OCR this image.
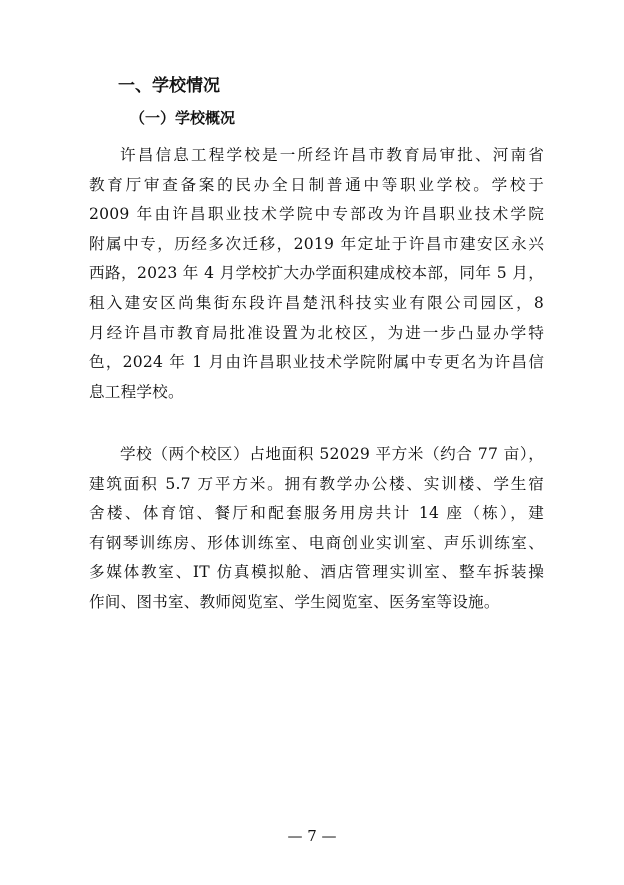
一、学校情况
（一）学校概况

许昌信息工程学校是一所经许昌市教育局审批、河南省
教育厅审查备案的民办全日制普通中等职业学校。学校于
2009 年由许昌职业技术学院中专部改为许昌职业技术学院
附属中专，历经多次迁移，2019 年定址于许昌市建安区永兴
西路，2023 年 4 月学校扩大办学面积建成校本部，同年 5 月，
租入建安区尚集街东段许昌楚汛科技实业有限公司园区，8
月经许昌市教育局批准设置为北校区，为进一步凸显办学特
色，2024 年 1 月由许昌职业技术学院附属中专更名为许昌信
息工程学校。

学校（两个校区）占地面积 52029 平方米（约合 77 亩），
建筑面积 5.7 万平方米。拥有教学办公楼、实训楼、学生宿
舍楼、体育馆、餐厅和配套服务用房共计 14 座（栋），建
有钢琴训练房、形体训练室、电商创业实训室、声乐训练室、
多媒体教室、IT 仿真模拟舱、酒店管理实训室、整车拆装操
作间、图书室、教师阅览室、学生阅览室、医务室等设施。

— 7 —
